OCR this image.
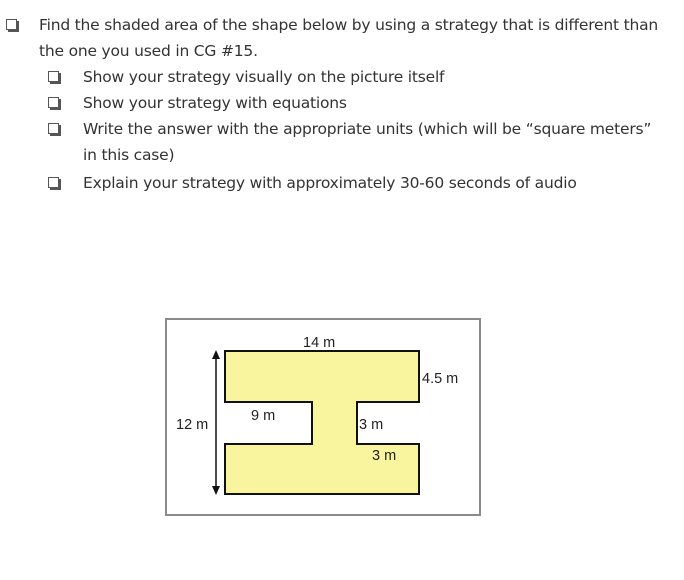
Find the shaded area of the shape below by using a strategy that is different than the one you used in CG #15.
Show your strategy visually on the picture itself
Show your strategy with equations
Write the answer with the appropriate units (which will be “square meters” in this case)
Explain your strategy with approximately 30-60 seconds of audio
14 m
12 m
4.5 m
9 m
3 m
3 m
